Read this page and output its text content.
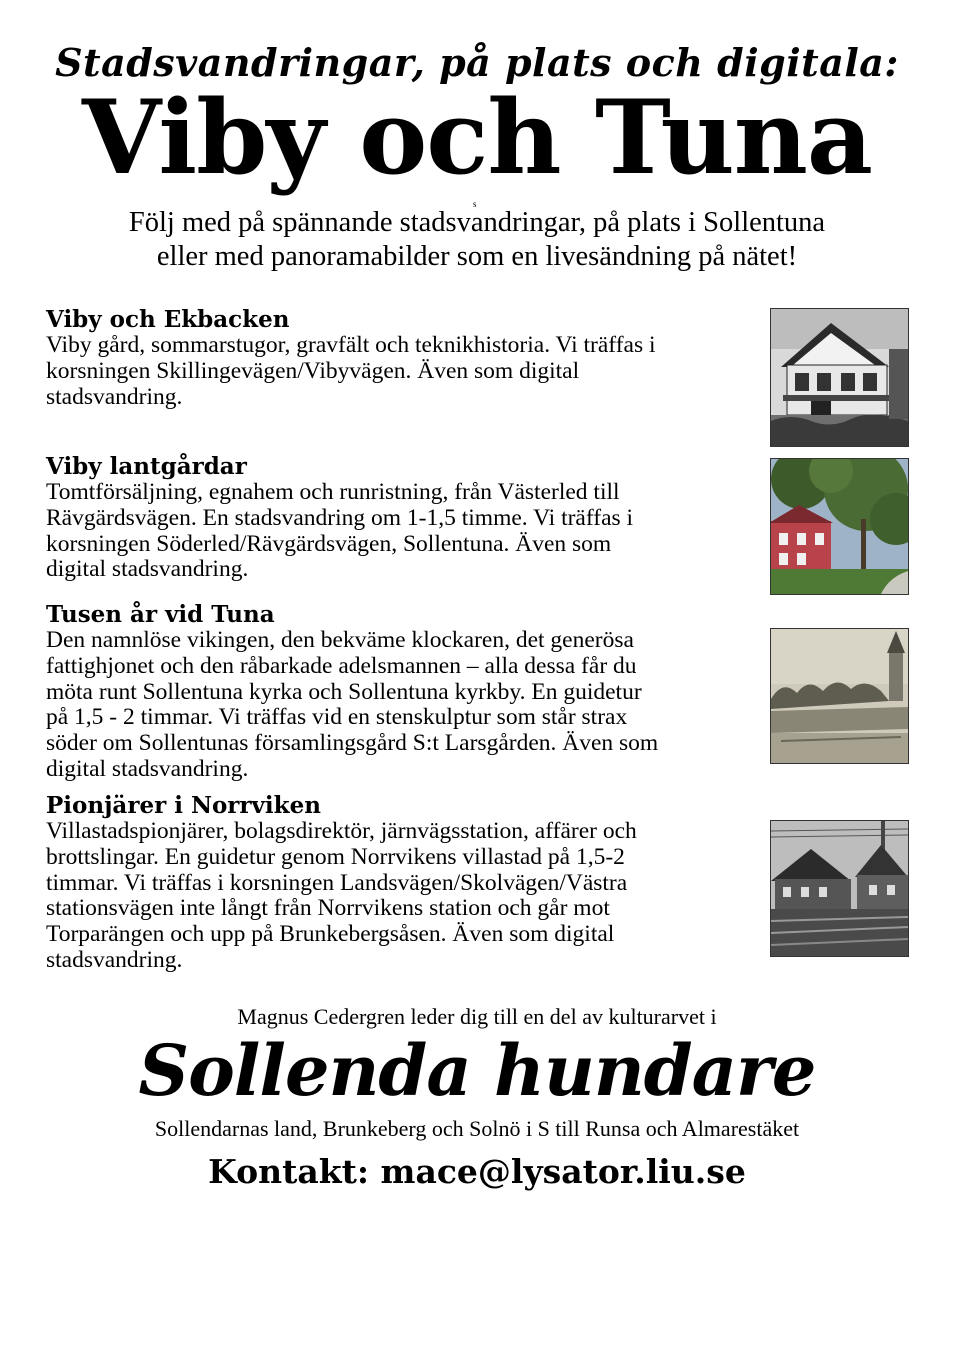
Stadsvandringar, på plats och digitala:
Viby och Tuna
s
Följ med på spännande stadsvandringar, på plats i Sollentuna
eller med panoramabilder som en livesändning på nätet!
Viby och Ekbacken
Viby gård, sommarstugor, gravfält och teknikhistoria. Vi träffas i
korsningen Skillingevägen/Vibyvägen. Även som digital
stadsvandring.
Viby lantgårdar
Tomtförsäljning, egnahem och runristning, från Västerled till
Rävgärdsvägen. En stadsvandring om 1-1,5 timme. Vi träffas i
korsningen Söderled/Rävgärdsvägen, Sollentuna. Även som
digital stadsvandring.
Tusen år vid Tuna
Den namnlöse vikingen, den bekväme klockaren, det generösa
fattighjonet och den råbarkade adelsmannen – alla dessa får du
möta runt Sollentuna kyrka och Sollentuna kyrkby. En guidetur
på 1,5 - 2 timmar. Vi träffas vid en stenskulptur som står strax
söder om Sollentunas församlingsgård S:t Larsgården. Även som
digital stadsvandring.
Pionjärer i Norrviken
Villastadspionjärer, bolagsdirektör, järnvägsstation, affärer och
brottslingar. En guidetur genom Norrvikens villastad på 1,5-2
timmar. Vi träffas i korsningen Landsvägen/Skolvägen/Västra
stationsvägen inte långt från Norrvikens station och går mot
Torparängen och upp på Brunkebergsåsen. Även som digital
stadsvandring.
Magnus Cedergren leder dig till en del av kulturarvet i
Sollenda hundare
Sollendarnas land, Brunkeberg och Solnö i S till Runsa och Almarestäket
Kontakt: mace@lysator.liu.se
